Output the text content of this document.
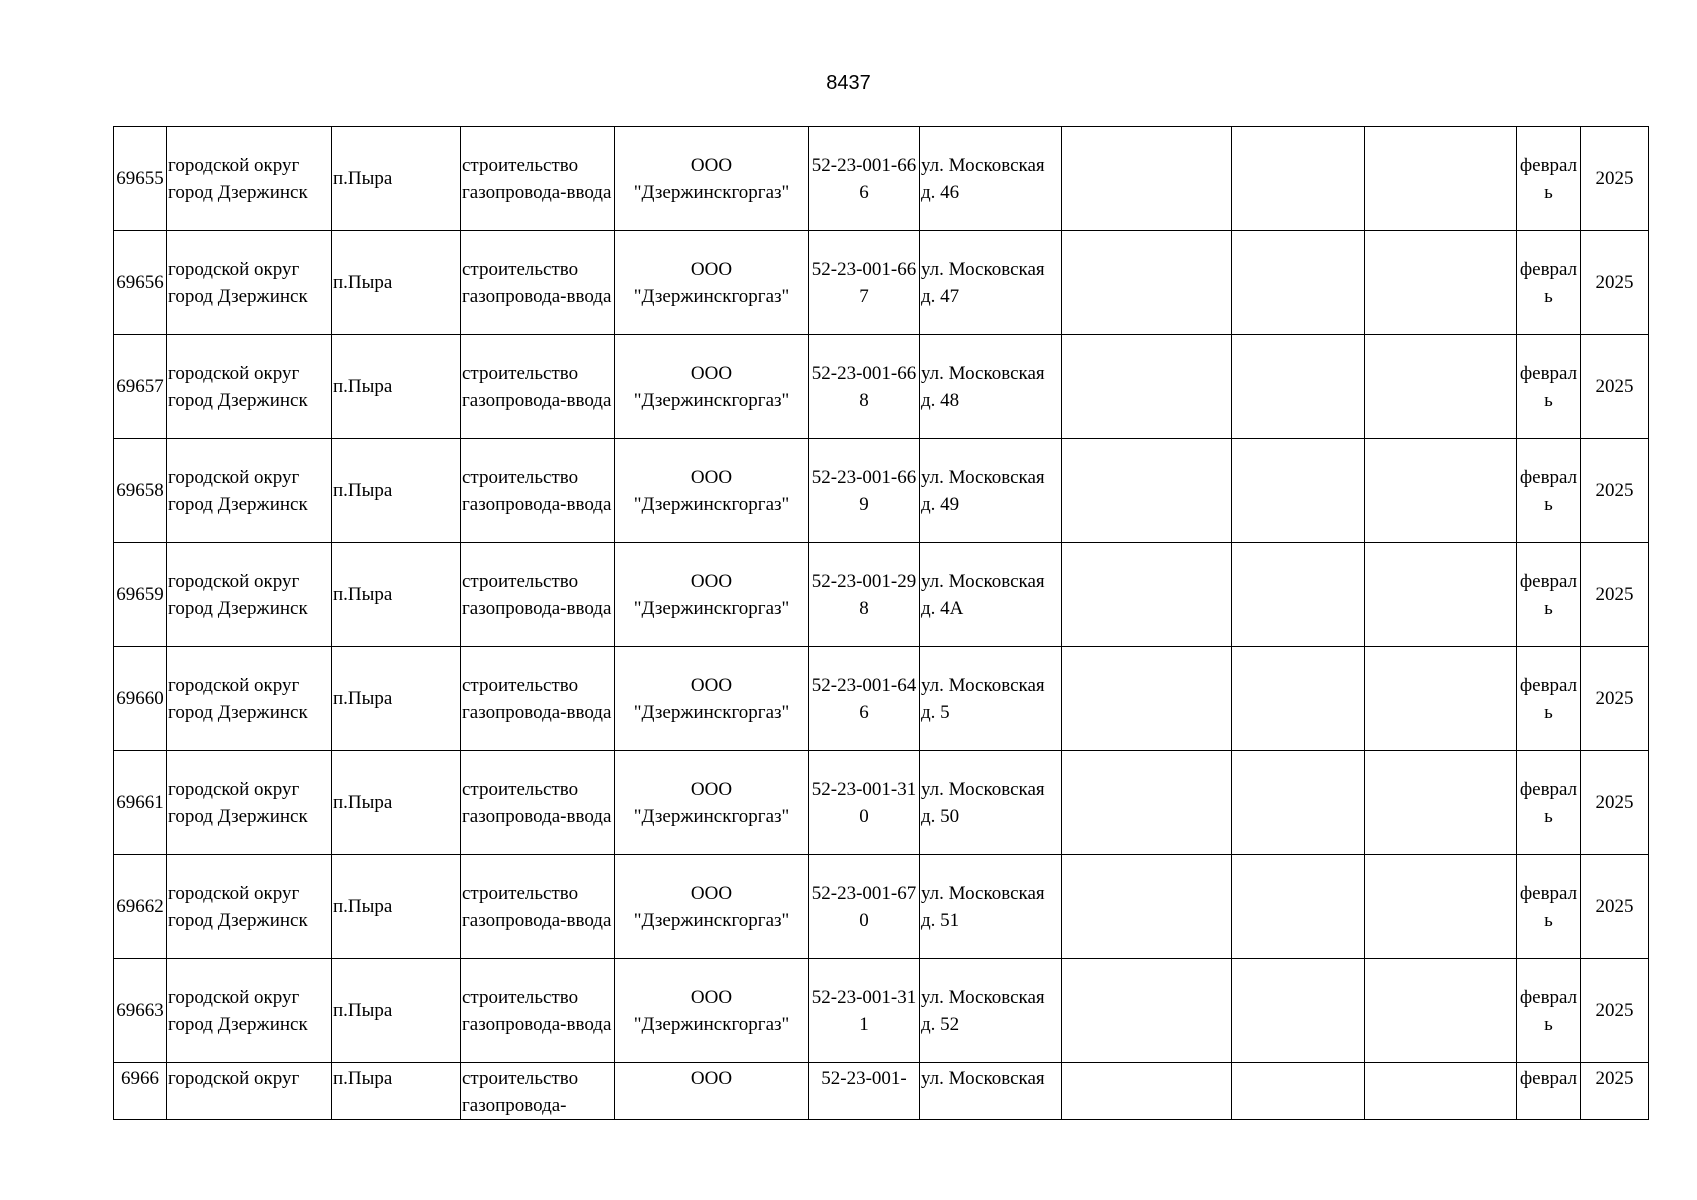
8437
69655	городской округ город Дзержинск	п.Пыра	строительство газопровода-ввода	ООО "Дзержинскгоргаз"	52-23-001-666	ул. Московская д. 46				февраль	2025
69656	городской округ город Дзержинск	п.Пыра	строительство газопровода-ввода	ООО "Дзержинскгоргаз"	52-23-001-667	ул. Московская д. 47				февраль	2025
69657	городской округ город Дзержинск	п.Пыра	строительство газопровода-ввода	ООО "Дзержинскгоргаз"	52-23-001-668	ул. Московская д. 48				февраль	2025
69658	городской округ город Дзержинск	п.Пыра	строительство газопровода-ввода	ООО "Дзержинскгоргаз"	52-23-001-669	ул. Московская д. 49				февраль	2025
69659	городской округ город Дзержинск	п.Пыра	строительство газопровода-ввода	ООО "Дзержинскгоргаз"	52-23-001-298	ул. Московская д. 4А				февраль	2025
69660	городской округ город Дзержинск	п.Пыра	строительство газопровода-ввода	ООО "Дзержинскгоргаз"	52-23-001-646	ул. Московская д. 5				февраль	2025
69661	городской округ город Дзержинск	п.Пыра	строительство газопровода-ввода	ООО "Дзержинскгоргаз"	52-23-001-310	ул. Московская д. 50				февраль	2025
69662	городской округ город Дзержинск	п.Пыра	строительство газопровода-ввода	ООО "Дзержинскгоргаз"	52-23-001-670	ул. Московская д. 51				февраль	2025
69663	городской округ город Дзержинск	п.Пыра	строительство газопровода-ввода	ООО "Дзержинскгоргаз"	52-23-001-311	ул. Московская д. 52				февраль	2025
6966	городской округ	п.Пыра	строительство газопровода-	ООО	52-23-001-	ул. Московская				феврал	2025
